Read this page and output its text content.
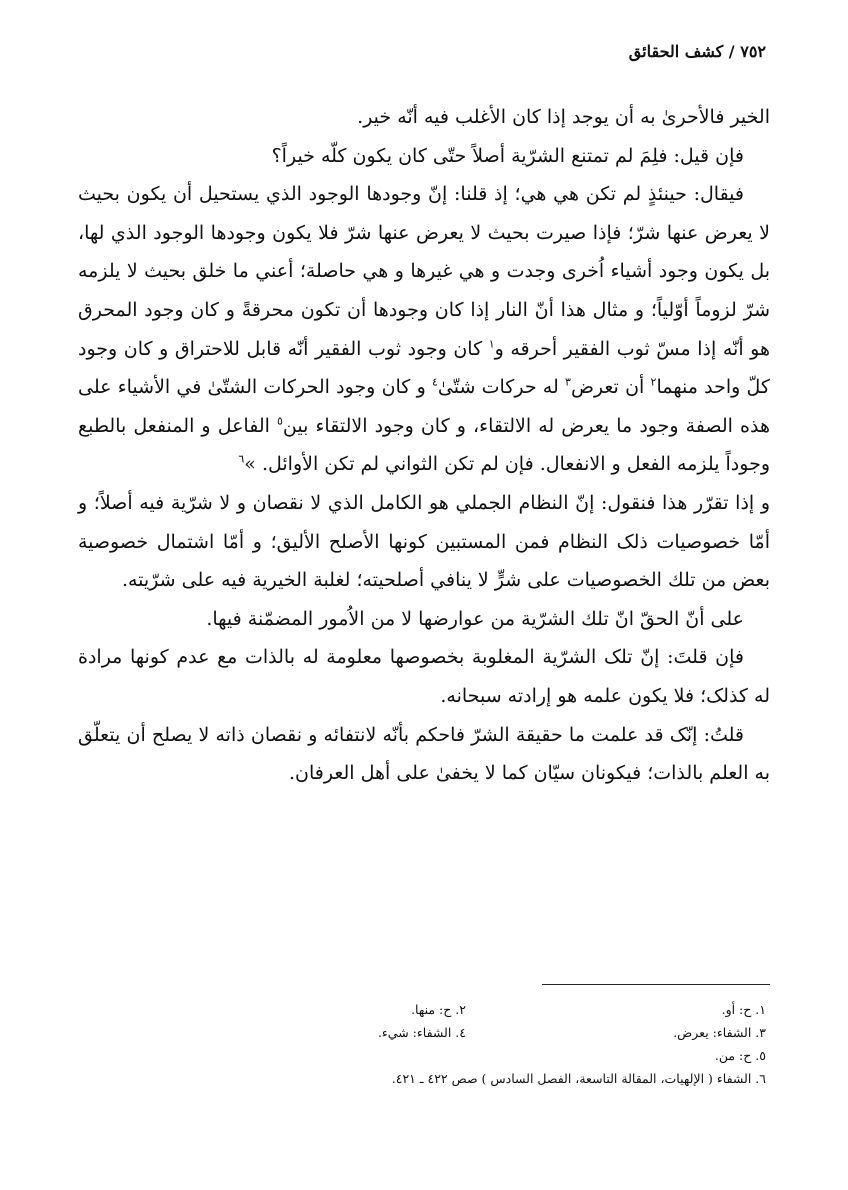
٧٥٢ / كشف الحقائق

الخير فالأحرىٰ به أن يوجد إذا كان الأغلب فيه أنّه خير.

فإن قيل: فلِمَ لم تمتنع الشرّية أصلاً حتّى كان يكون كلّه خيراً؟

فيقال: حينئذٍ لم تكن هي هي؛ إذ قلنا: إنّ وجودها الوجود الذي يستحيل أن يكون بحيث لا يعرض عنها شرّ؛ فإذا صيرت بحيث لا يعرض عنها شرّ فلا يكون وجودها الوجود الذي لها، بل يكون وجود أشياء اُخرى وجدت و هي غيرها و هي حاصلة؛ أعني ما خلق بحيث لا يلزمه شرّ لزوماً أوّلياً؛ و مثال هذا أنّ النار إذا كان وجودها أن تكون محرقةً و كان وجود المحرق هو أنّه إذا مسّ ثوب الفقير أحرقه و$^١$ كان وجود ثوب الفقير أنّه قابل للاحتراق و كان وجود كلّ واحد منهما$^٢$ أن تعرض$^٣$ له حركات شتّىٰ$^٤$ و كان وجود الحركات الشتّىٰ في الأشياء على هذه الصفة وجود ما يعرض له الالتقاء، و كان وجود الالتقاء بين$^٥$ الفاعل و المنفعل بالطبع وجوداً يلزمه الفعل و الانفعال. فإن لم تكن الثواني لم تكن الأوائل. »$^٦$

و إذا تقرّر هذا فنقول: إنّ النظام الجملي هو الكامل الذي لا نقصان و لا شرّية فيه أصلاً؛ و أمّا خصوصيات ذلک النظام فمن المستبين كونها الأصلح الأليق؛ و أمّا اشتمال خصوصية بعض من تلك الخصوصيات على شرٍّ لا ينافي أصلحيته؛ لغلبة الخيرية فيه على شرّيته.

على أنّ الحقّ انّ تلك الشرّية من عوارضها لا من الاُمور المضمّنة فيها.

فإن قلتَ: إنّ تلک الشرّية المغلوبة بخصوصها معلومة له بالذات مع عدم كونها مرادة له كذلک؛ فلا يكون علمه هو إرادته سبحانه.

قلتُ: إنّک قد علمت ما حقيقة الشرّ فاحكم بأنّه لانتفائه و نقصان ذاته لا يصلح أن يتعلّق به العلم بالذات؛ فيكونان سيّان كما لا يخفىٰ على أهل العرفان.

١. ح: أو.
٢. ح: منها.
٣. الشفاء: يعرض.
٤. الشفاء: شيء.
٥. ح: من.
٦. الشفاء ( الإلهيات، المقالة التاسعة، الفصل السادس ) صص ٤٢٢ ـ ٤٢١.
